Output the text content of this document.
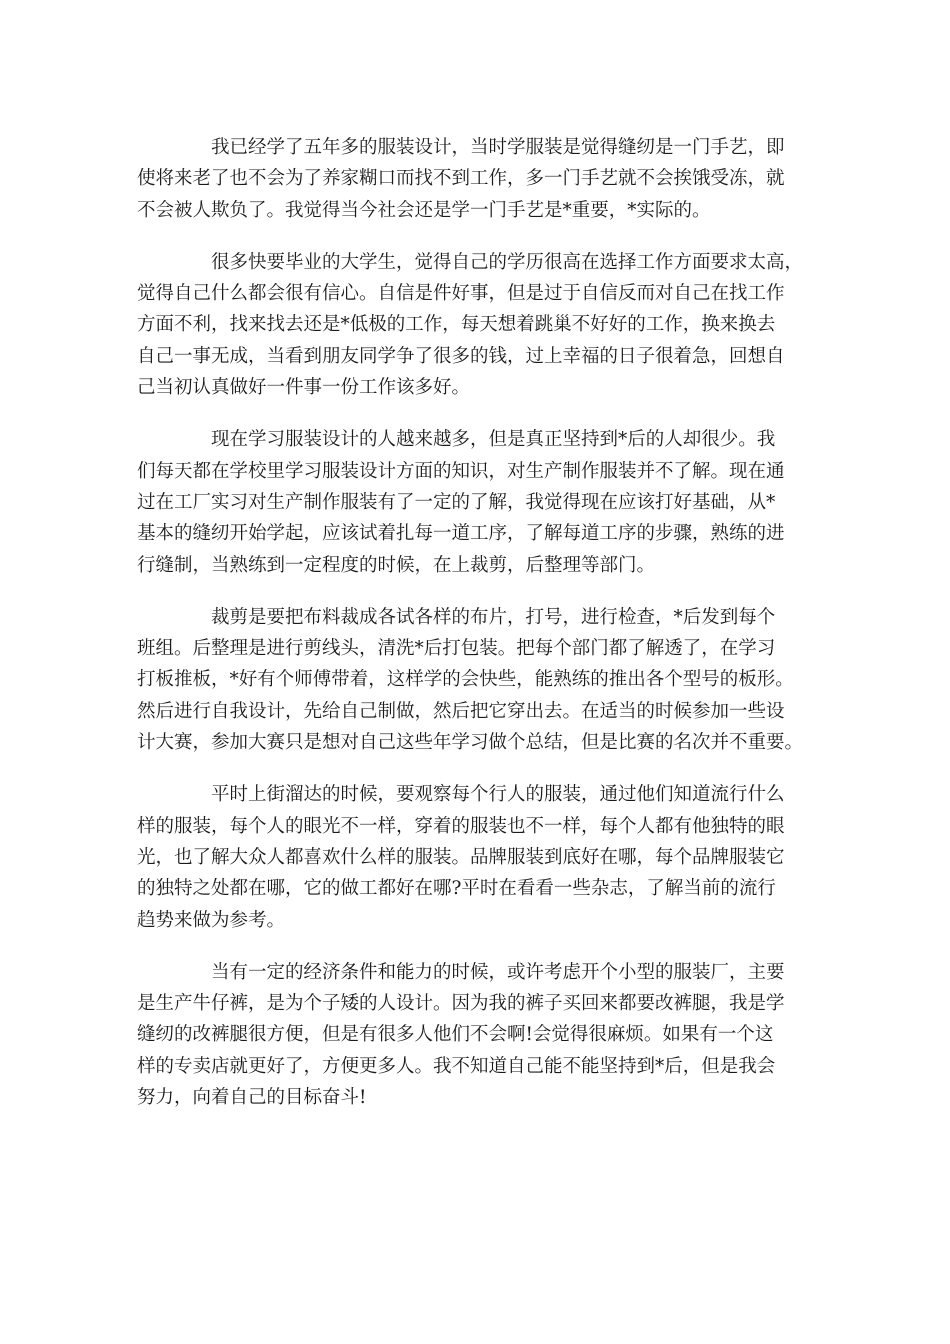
我已经学了五年多的服装设计，当时学服装是觉得缝纫是一门手艺，即
使将来老了也不会为了养家糊口而找不到工作，多一门手艺就不会挨饿受冻，就
不会被人欺负了。我觉得当今社会还是学一门手艺是*重要，*实际的。

很多快要毕业的大学生，觉得自己的学历很高在选择工作方面要求太高，
觉得自己什么都会很有信心。自信是件好事，但是过于自信反而对自己在找工作
方面不利，找来找去还是*低极的工作，每天想着跳巢不好好的工作，换来换去
自己一事无成，当看到朋友同学争了很多的钱，过上幸福的日子很着急，回想自
己当初认真做好一件事一份工作该多好。

现在学习服装设计的人越来越多，但是真正坚持到*后的人却很少。我
们每天都在学校里学习服装设计方面的知识，对生产制作服装并不了解。现在通
过在工厂实习对生产制作服装有了一定的了解，我觉得现在应该打好基础，从*
基本的缝纫开始学起，应该试着扎每一道工序，了解每道工序的步骤，熟练的进
行缝制，当熟练到一定程度的时候，在上裁剪，后整理等部门。

裁剪是要把布料裁成各试各样的布片，打号，进行检查，*后发到每个
班组。后整理是进行剪线头，清洗*后打包装。把每个部门都了解透了，在学习
打板推板，*好有个师傅带着，这样学的会快些，能熟练的推出各个型号的板形。
然后进行自我设计，先给自己制做，然后把它穿出去。在适当的时候参加一些设
计大赛，参加大赛只是想对自己这些年学习做个总结，但是比赛的名次并不重要。

平时上街溜达的时候，要观察每个行人的服装，通过他们知道流行什么
样的服装，每个人的眼光不一样，穿着的服装也不一样，每个人都有他独特的眼
光，也了解大众人都喜欢什么样的服装。品牌服装到底好在哪，每个品牌服装它
的独特之处都在哪，它的做工都好在哪?平时在看看一些杂志，了解当前的流行
趋势来做为参考。

当有一定的经济条件和能力的时候，或许考虑开个小型的服装厂，主要
是生产牛仔裤，是为个子矮的人设计。因为我的裤子买回来都要改裤腿，我是学
缝纫的改裤腿很方便，但是有很多人他们不会啊!会觉得很麻烦。如果有一个这
样的专卖店就更好了，方便更多人。我不知道自己能不能坚持到*后，但是我会
努力，向着自己的目标奋斗!
